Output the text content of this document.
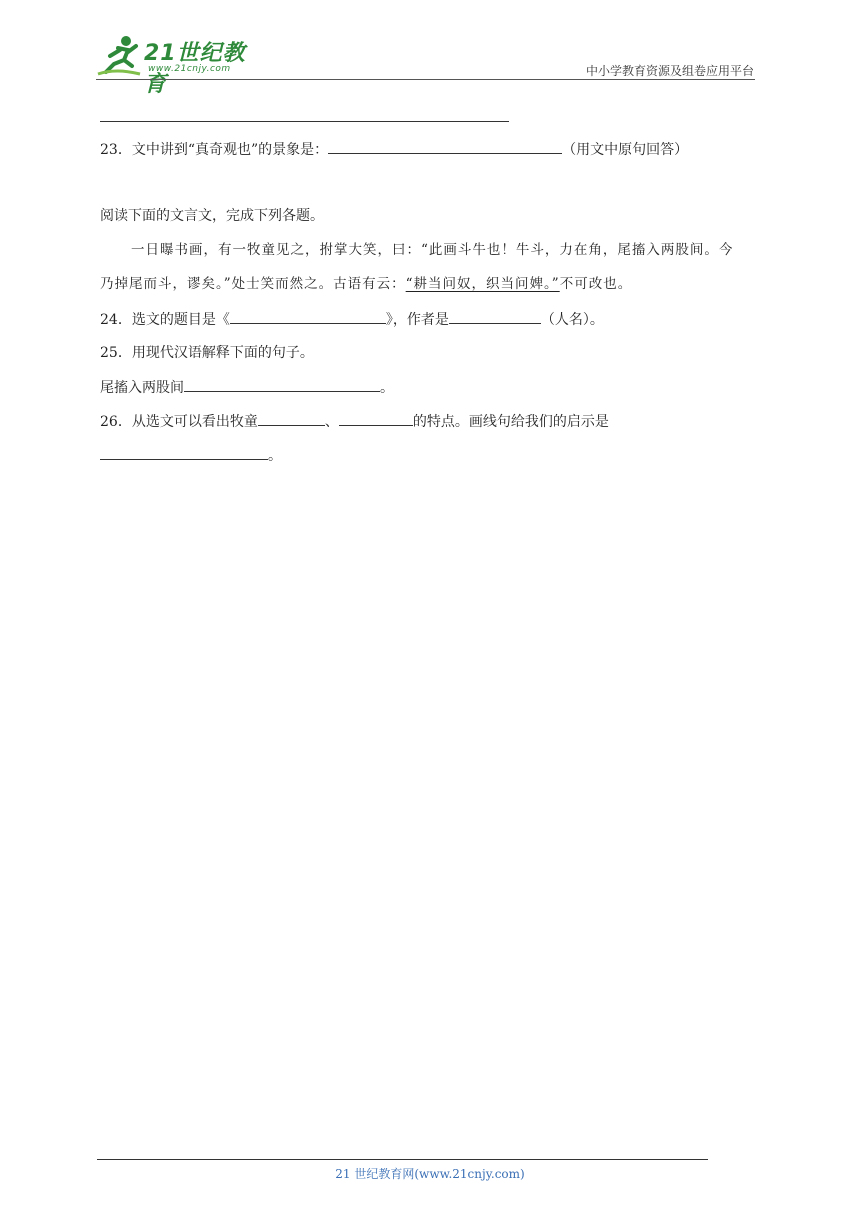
21世纪教育
www.21cnjy.com	中小学教育资源及组卷应用平台
23．文中讲到“真奇观也”的景象是：	（用文中原句回答）
阅读下面的文言文，完成下列各题。
一日曝书画，有一牧童见之，拊掌大笑，曰：“此画斗牛也！牛斗，力在角，尾搐入两股间。今
乃掉尾而斗，谬矣。”处士笑而然之。古语有云：“耕当问奴，织当问婢。”不可改也。
24．选文的题目是《	》，作者是	（人名）。
25．用现代汉语解释下面的句子。
尾搐入两股间	。
26．从选文可以看出牧童	、	的特点。画线句给我们的启示是
。
21 世纪教育网(www.21cnjy.com)
